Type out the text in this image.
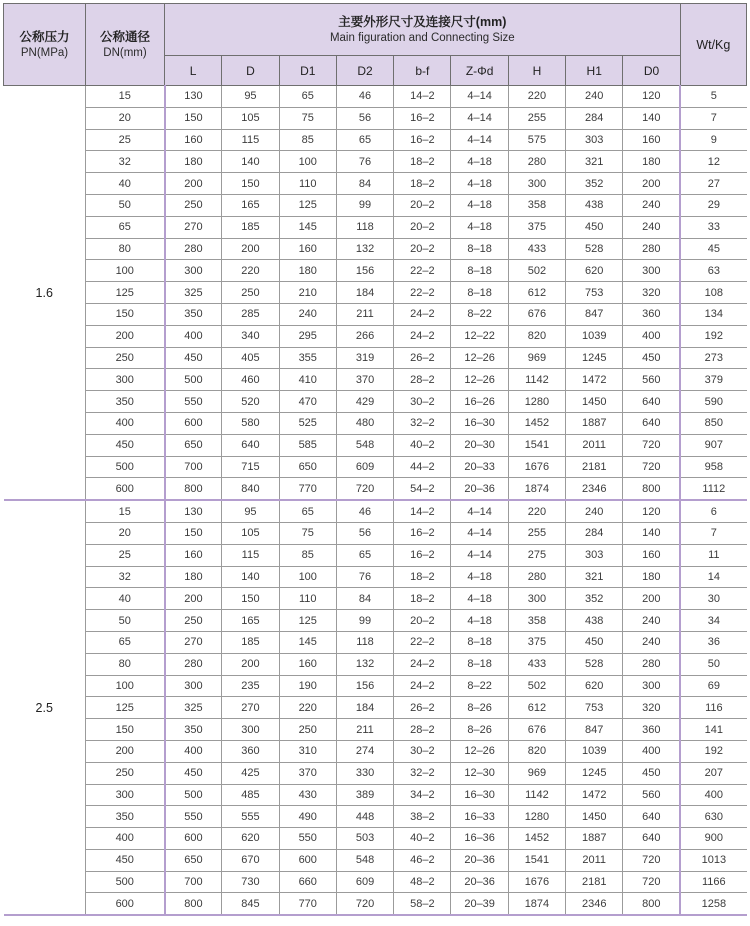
公称压力
PN(MPa)	公称通径
DN(mm)	主要外形尺寸及连接尺寸(mm)
Main figuration and Connecting Size									Wt/Kg
		L	D	D1	D2	b-f	Z-Φd	H	H1	D0	
1.6	15	130	95	65	46	14–2	4–14	220	240	120	5
	20	150	105	75	56	16–2	4–14	255	284	140	7
	25	160	115	85	65	16–2	4–14	575	303	160	9
	32	180	140	100	76	18–2	4–18	280	321	180	12
	40	200	150	110	84	18–2	4–18	300	352	200	27
	50	250	165	125	99	20–2	4–18	358	438	240	29
	65	270	185	145	118	20–2	4–18	375	450	240	33
	80	280	200	160	132	20–2	8–18	433	528	280	45
	100	300	220	180	156	22–2	8–18	502	620	300	63
	125	325	250	210	184	22–2	8–18	612	753	320	108
	150	350	285	240	211	24–2	8–22	676	847	360	134
	200	400	340	295	266	24–2	12–22	820	1039	400	192
	250	450	405	355	319	26–2	12–26	969	1245	450	273
	300	500	460	410	370	28–2	12–26	1142	1472	560	379
	350	550	520	470	429	30–2	16–26	1280	1450	640	590
	400	600	580	525	480	32–2	16–30	1452	1887	640	850
	450	650	640	585	548	40–2	20–30	1541	2011	720	907
	500	700	715	650	609	44–2	20–33	1676	2181	720	958
	600	800	840	770	720	54–2	20–36	1874	2346	800	1112
2.5	15	130	95	65	46	14–2	4–14	220	240	120	6
	20	150	105	75	56	16–2	4–14	255	284	140	7
	25	160	115	85	65	16–2	4–14	275	303	160	11
	32	180	140	100	76	18–2	4–18	280	321	180	14
	40	200	150	110	84	18–2	4–18	300	352	200	30
	50	250	165	125	99	20–2	4–18	358	438	240	34
	65	270	185	145	118	22–2	8–18	375	450	240	36
	80	280	200	160	132	24–2	8–18	433	528	280	50
	100	300	235	190	156	24–2	8–22	502	620	300	69
	125	325	270	220	184	26–2	8–26	612	753	320	116
	150	350	300	250	211	28–2	8–26	676	847	360	141
	200	400	360	310	274	30–2	12–26	820	1039	400	192
	250	450	425	370	330	32–2	12–30	969	1245	450	207
	300	500	485	430	389	34–2	16–30	1142	1472	560	400
	350	550	555	490	448	38–2	16–33	1280	1450	640	630
	400	600	620	550	503	40–2	16–36	1452	1887	640	900
	450	650	670	600	548	46–2	20–36	1541	2011	720	1013
	500	700	730	660	609	48–2	20–36	1676	2181	720	1166
	600	800	845	770	720	58–2	20–39	1874	2346	800	1258
